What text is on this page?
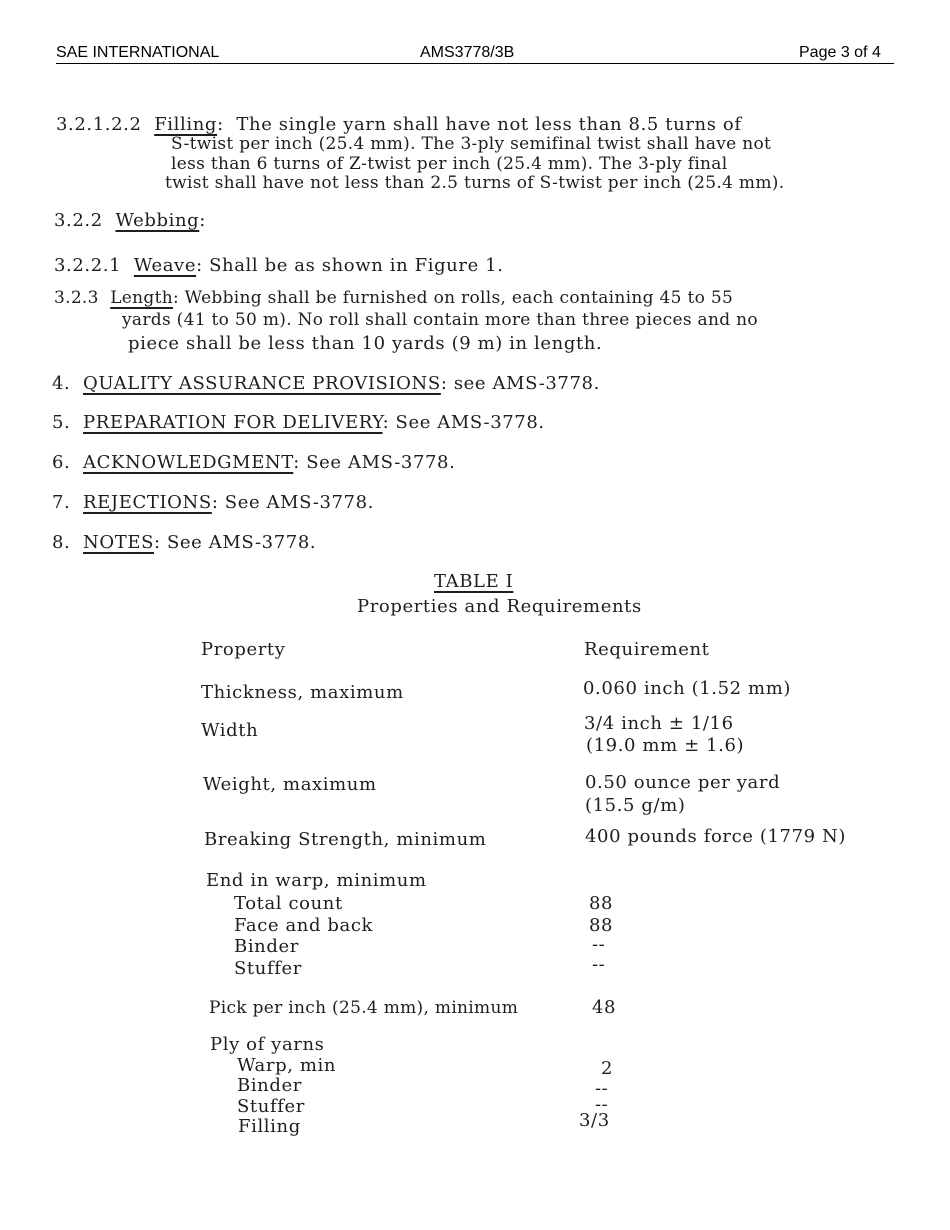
SAE INTERNATIONAL	AMS3778/3B	Page 3 of 4
3.2.1.2.2 Filling: The single yarn shall have not less than 8.5 turns of
S-twist per inch (25.4 mm). The 3-ply semifinal twist shall have not
less than 6 turns of Z-twist per inch (25.4 mm). The 3-ply final
twist shall have not less than 2.5 turns of S-twist per inch (25.4 mm).
3.2.2 Webbing:
3.2.2.1 Weave: Shall be as shown in Figure 1.
3.2.3 Length: Webbing shall be furnished on rolls, each containing 45 to 55
yards (41 to 50 m). No roll shall contain more than three pieces and no
piece shall be less than 10 yards (9 m) in length.
4. QUALITY ASSURANCE PROVISIONS: see AMS-3778.
5. PREPARATION FOR DELIVERY: See AMS-3778.
6. ACKNOWLEDGMENT: See AMS-3778.
7. REJECTIONS: See AMS-3778.
8. NOTES: See AMS-3778.
TABLE I
Properties and Requirements
Property	Requirement
Thickness, maximum	0.060 inch (1.52 mm)
Width	3/4 inch ± 1/16
(19.0 mm ± 1.6)
Weight, maximum	0.50 ounce per yard
(15.5 g/m)
Breaking Strength, minimum	400 pounds force (1779 N)
End in warp, minimum
Total count	88
Face and back	88
Binder	--
Stuffer	--
Pick per inch (25.4 mm), minimum	48
Ply of yarns
Warp, min	2
Binder	--
Stuffer	--
Filling	3/3
